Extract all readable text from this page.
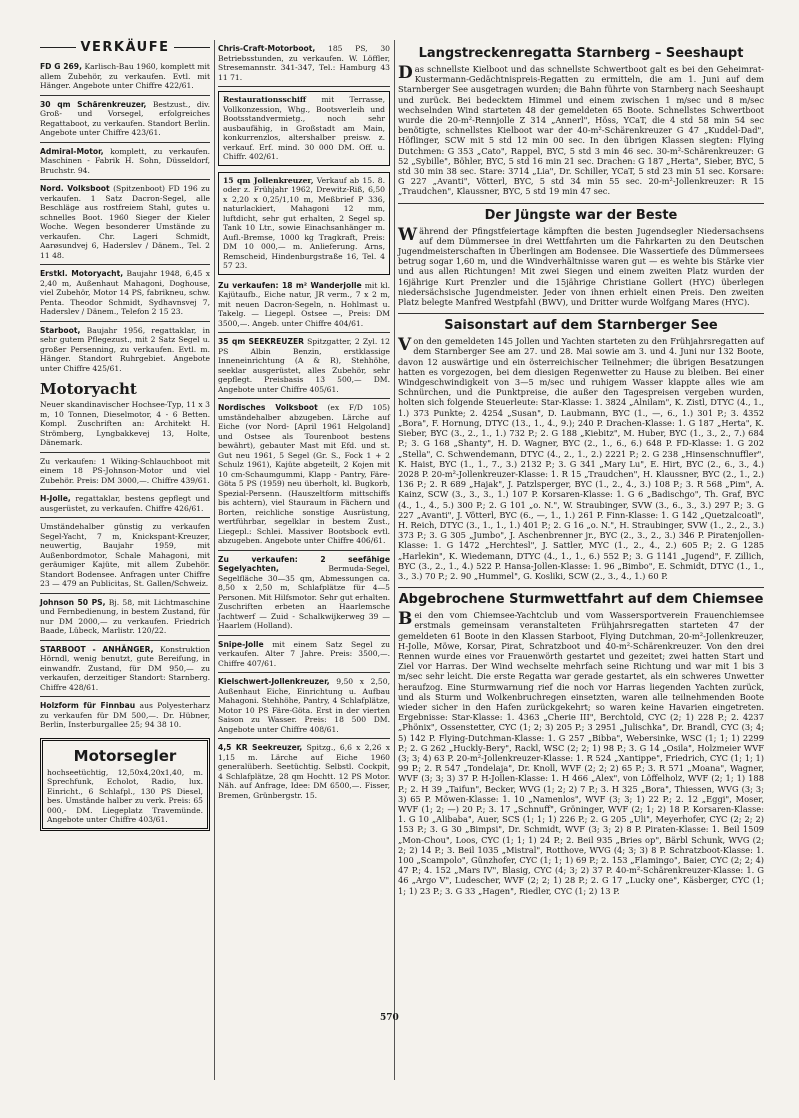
VERKÄUFE
FD G 269, Karlisch-Bau 1960, komplett mit allem Zubehör, zu verkaufen. Evtl. mit Hänger. Angebote unter Chiffre 422/61.
30 qm Schärenkreuzer, Bestzust., div. Groß- und Vorsegel, erfolgreiches Regattaboot, zu verkaufen. Standort Berlin. Angebote unter Chiffre 423/61.
Admiral-Motor, komplett, zu verkaufen. Maschinen - Fabrik H. Sohn, Düsseldorf, Bruchstr. 94.
Nord. Volksboot (Spitzenboot) FD 196 zu verkaufen. 1 Satz Dacron-Segel, alle Beschläge aus rostfreiem Stahl, gutes u. schnelles Boot. 1960 Sieger der Kieler Woche. Wegen besonderer Umstände zu verkaufen. Chr. Lageri Schmidt, Aarøsundvej 6, Haderslev / Dänem., Tel. 2 11 48.
Erstkl. Motoryacht, Baujahr 1948, 6,45 x 2,40 m, Außenhaut Mahagoni, Doghouse, viel Zubehör, Motor 14 PS, fabrikneu, schw. Penta. Theodor Schmidt, Sydhavnsvej 7, Haderslev / Dänem., Telefon 2 15 23.
Starboot, Baujahr 1956, regattaklar, in sehr gutem Pflegezust., mit 2 Satz Segel u. großer Persenning, zu verkaufen. Evtl. m. Hänger. Standort Ruhrgebiet. Angebote unter Chiffre 425/61.
Motoryacht
Neuer skandinavischer Hochsee-Typ, 11 x 3 m, 10 Tonnen, Dieselmotor, 4 - 6 Betten. Kompl. Zuschriften an: Architekt H. Strömberg, Lyngbakkevej 13, Holte, Dänemark.
Zu verkaufen: 1 Wiking-Schlauchboot mit einem 18 PS-Johnson-Motor und viel Zubehör. Preis: DM 3000,—. Chiffre 439/61.
H-Jolle, regattaklar, bestens gepflegt und ausgerüstet, zu verkaufen. Chiffre 426/61.
Umständehalber günstig zu verkaufen Segel-Yacht, 7 m, Knickspant-Kreuzer, neuwertig, Baujahr 1959, mit Außenbordmotor, Schale Mahagoni, mit geräumiger Kajüte, mit allem Zubehör. Standort Bodensee. Anfragen unter Chiffre 23 — 479 an Publicitas, St. Gallen/Schweiz.
Johnson 50 PS, Bj. 58, mit Lichtmaschine und Fernbedienung, in bestem Zustand, für nur DM 2000,— zu verkaufen. Friedrich Baade, Lübeck, Marlistr. 120/22.
STARBOOT - ANHÄNGER, Konstruktion Hörndl, wenig benutzt, gute Bereifung, in einwandfr. Zustand, für DM 950,— zu verkaufen, derzeitiger Standort: Starnberg. Chiffre 428/61.
Holzform für Finnbau aus Polyesterharz zu verkaufen für DM 500,—. Dr. Hübner, Berlin, Insterburgallee 25; 94 38 10.
Motorsegler
hochseetüchtig, 12,50x4,20x1,40, m. Sprechfunk, Echolot, Radio, lux. Einricht., 6 Schlafpl., 130 PS Diesel, bes. Umstände halber zu verk. Preis: 65 000,- DM. Liegeplatz Travemünde. Angebote unter Chiffre 403/61.
Chris-Craft-Motorboot, 185 PS, 30 Betriebsstunden, zu verkaufen. W. Löffler, Stresemannstr. 341-347, Tel.: Hamburg 43 11 71.
Restaurationsschiff mit Terrasse, Vollkonzession, Whg., Bootsverleih und Bootsstandvermietg., noch sehr ausbaufähig, in Großstadt am Main, konkurrenzlos, altershalber preisw. z. verkauf. Erf. mind. 30 000 DM. Off. u. Chiffr. 402/61.
15 qm Jollenkreuzer, Verkauf ab 15. 8. oder z. Frühjahr 1962, Drewitz-Riß, 6,50 x 2,20 x 0,25/1,10 m, Meßbrief P 336, naturlackiert, Mahagoni 12 mm, luftdicht, sehr gut erhalten, 2 Segel sp. Tank 10 Ltr., sowie Einachsanhänger m. Aufl.-Bremse, 1000 kg Tragkraft, Preis: DM 10 000,— m. Anlieferung. Arns, Remscheid, Hindenburgstraße 16, Tel. 4 57 23.
Zu verkaufen: 18 m² Wanderjolle mit kl. Kajütaufb., Eiche natur, JR verm., 7 x 2 m, mit neuen Dacron-Segeln, n. Hohlmast u. Takelg. — Liegepl. Ostsee —, Preis: DM 3500,—. Angeb. unter Chiffre 404/61.
35 qm SEEKREUZER Spitzgatter, 2 Zyl. 12 PS Albin Benzin, erstklassige Inneneinrichtung (A & R), Stehhöhe, seeklar ausgerüstet, alles Zubehör, sehr gepflegt. Preisbasis 13 500,— DM. Angebote unter Chiffre 405/61.
Nordisches Volksboot (ex F/D 105) umständehalber abzugeben. Lärche auf Eiche (vor Nord- [April 1961 Helgoland] und Ostsee als Tourenboot bestens bewährt), gebauter Mast mit Efd. und st. Gut neu 1961, 5 Segel (Gr. S., Fock 1 + 2 Schulz 1961), Kajüte abgeteilt, 2 Kojen mit 10 cm-Schaumgummi, Klapp - Pantry, Färe-Göta 5 PS (1959) neu überholt, kl. Bugkorb, Spezial-Persenn. (Hauszeltform mittschiffs bis achtern), viel Stauraum in Fächern und Borten, reichliche sonstige Ausrüstung, wertführbar, segelklar in bestem Zust., Liegepl.: Schlei. Massiver Bootsbock evtl. abzugeben. Angebote unter Chiffre 406/61.
Zu verkaufen: 2 seefähige Segelyachten,	Bermuda-Segel, Segelfläche 30—35 qm, Abmessungen ca. 8,50 x 2,50 m, Schlafplätze für 4—5 Personen. Mit Hilfsmotor. Sehr gut erhalten. Zuschriften erbeten an Haarlemsche Jachtwerf — Zuid - Schalkwijkerweg 39 — Haarlem (Holland).
Snipe-Jolle mit einem Satz Segel zu verkaufen. Alter 7 Jahre. Preis: 3500,—. Chiffre 407/61.
Kielschwert-Jollenkreuzer, 9,50 x 2,50, Außenhaut Eiche, Einrichtung u. Aufbau Mahagoni. Stehhöhe, Pantry, 4 Schlafplätze, Motor 10 PS Färe-Göta. Erst in der vierten Saison zu Wasser. Preis: 18 500 DM. Angebote unter Chiffre 408/61.
4,5 KR Seekreuzer, Spitzg., 6,6 x 2,26 x 1,15 m. Lärche auf Eiche 1960 generalüberh. Seetüchtig. Selbstl. Cockpit, 4 Schlafplätze, 28 qm Hochtt. 12 PS Motor. Näh. auf Anfrage, Idee: DM 6500,—. Fisser, Bremen, Grünbergstr. 15.
Langstreckenregatta Starnberg – Seeshaupt

Das schnellste Kielboot und das schnellste Schwertboot galt es bei den Geheimrat-Kustermann-Gedächtnispreis-Regatten zu ermitteln, die am 1. Juni auf dem Starnberger See ausgetragen wurden; die Bahn führte von Starnberg nach Seeshaupt und zurück. Bei bedecktem Himmel und einem zwischen 1 m/sec und 8 m/sec wechselnden Wind starteten 48 der gemeldeten 65 Boote. Schnellstes Schwertboot wurde die 20-m²-Rennjolle Z 314 „Annerl", Höss, YCaT, die 4 std 58 min 54 sec benötigte, schnellstes Kielboot war der 40-m²-Schärenkreuzer G 47 „Kuddel-Dad", Höflinger, SCW mit 5 std 12 min 00 sec. In den übrigen Klassen siegten: Flying Dutchmen: G 353 „Cato", Rappel, BYC, 5 std 3 min 46 sec. 30-m²-Schärenkreuzer: G 52 „Sybille", Böhler, BYC, 5 std 16 min 21 sec. Drachen: G 187 „Herta", Sieber, BYC, 5 std 30 min 38 sec. Stare: 3714 „Lia", Dr. Schiller, YCaT, 5 std 23 min 51 sec. Korsare: G 227 „Avanti", Vötterl, BYC, 5 std 34 min 55 sec. 20-m²-Jollenkreuzer: R 15 „Traudchen", Klaussner, BYC, 5 std 19 min 47 sec.

Der Jüngste war der Beste

Während der Pfingstfeiertage kämpften die besten Jugendsegler Niedersachsens auf dem Dümmersee in drei Wettfahrten um die Fahrkarten zu den Deutschen Jugendmeisterschaften in Überlingen am Bodensee. Die Wassertiefe des Dümmersees betrug sogar 1,60 m, und die Windverhältnisse waren gut — es wehte bis Stärke vier und aus allen Richtungen! Mit zwei Siegen und einem zweiten Platz wurden der 16jährige Kurt Prenzler und die 15jährige Christiane Gollert (HYC) überlegen niedersächsische Jugendmeister. Jeder von ihnen erhielt einen Preis. Den zweiten Platz belegte Manfred Westpfahl (BWV), und Dritter wurde Wolfgang Mares (HYC).

Saisonstart auf dem Starnberger See

Von den gemeldeten 145 Jollen und Yachten starteten zu den Frühjahrsregatten auf dem Starnberger See am 27. und 28. Mai sowie am 3. und 4. Juni nur 132 Boote, davon 12 auswärtige und ein österreichischer Teilnehmer; die übrigen Besatzungen hatten es vorgezogen, bei dem diesigen Regenwetter zu Hause zu bleiben. Bei einer Windgeschwindigkeit von 3—5 m/sec und ruhigem Wasser klappte alles wie am Schnürchen, und die Punktpreise, die außer den Tagespreisen vergeben wurden, holten sich folgende Steuerleute: Star-Klasse: 1. 3824 „Alnilam", K. Zistl, DTYC (4., 1., 1.) 373 Punkte; 2. 4254 „Susan", D. Laubmann, BYC (1., —, 6., 1.) 301 P.; 3. 4352 „Bora", F. Hornung, DTYC (13., 1., 4., 9.); 240 P. Drachen-Klasse: 1. G 187 „Herta", K. Sieber, BYC (3., 2., 1., 1.) 732 P.; 2. G 188 „Kiebitz", M. Huber, BYC (1., 3., 2., 7.) 684 P.; 3. G 168 „Shanty", H. D. Wagner, BYC (2., 1., 6., 6.) 648 P. FD-Klasse: 1. G 202 „Stella", C. Schwendemann, DTYC (4., 2., 1., 2.) 2221 P.; 2. G 238 „Hinsenschnuffler", K. Haist, BYC (1., 1., 7., 3.) 2132 P.; 3. G 341 „Mary Lu", E. Hirt, BYC (2., 6., 3., 4.) 2028 P. 20-m²-Jollenkreuzer-Klasse: 1. R 15 „Traudchen", H. Klaussner, BYC (2., 1., 2.) 136 P.; 2. R 689 „Hajak", J. Patzlsperger, BYC (1., 2., 4., 3.) 108 P.; 3. R 568 „Pim", A. Kainz, SCW (3., 3., 3., 1.) 107 P. Korsaren-Klasse: 1. G 6 „Badischgo", Th. Graf, BYC (4., 1., 4., 5.) 300 P.; 2. G 101 „o. N.", W. Straubinger, SVW (3., 6., 3., 3.) 297 P.; 3. G 227 „Avanti", J. Vötterl, BYC (6., —, 1., 1.) 261 P. Finn-Klasse: 1. G 142 „Quetzalcoatl", H. Reich, DTYC (3., 1., 1., 1.) 401 P.; 2. G 16 „o. N.", H. Straubinger, SVW (1., 2., 2., 3.) 373 P.; 3. G 305 „Jumbo", J. Aschenbrenner jr., BYC (2., 3., 2., 3.) 346 P. Piratenjollen-Klasse: 1. G 1472 „Herchtesl", J. Sattler, MYC (1., 2., 4., 2.) 605 P.; 2. G 1285 „Harlekin", K. Wiedemann, DTYC (4., 1., 1., 6.) 552 P.; 3. G 1141 „Jugend", F. Zillich, BYC (3., 2., 1., 4.) 522 P. Hansa-Jollen-Klasse: 1. 96 „Bimbo", E. Schmidt, DTYC (1., 1., 3., 3.) 70 P.; 2. 90 „Hummel", G. Kosliki, SCW (2., 3., 4., 1.) 60 P.

Abgebrochene Sturmwettfahrt auf dem Chiemsee

Bei den vom Chiemsee-Yachtclub und vom Wassersportverein Frauenchiemsee erstmals gemeinsam veranstalteten Frühjahrsregatten starteten 47 der gemeldeten 61 Boote in den Klassen Starboot, Flying Dutchman, 20-m²-Jollenkreuzer, H-Jolle, Möwe, Korsar, Pirat, Schratzboot und 40-m²-Schärenkreuzer. Von den drei Rennen wurde eines vor Frauenwörth gestartet und gezeitet; zwei hatten Start und Ziel vor Harras. Der Wind wechselte mehrfach seine Richtung und war mit 1 bis 3 m/sec sehr leicht. Die erste Regatta war gerade gestartet, als ein schweres Unwetter heraufzog. Eine Sturmwarnung rief die noch vor Harras liegenden Yachten zurück, und als Sturm und Wolkenbruchregen einsetzten, waren alle teilnehmenden Boote wieder sicher in den Hafen zurückgekehrt; so waren keine Havarien eingetreten. Ergebnisse: Star-Klasse: 1. 4363 „Cherie III", Berchtold, CYC (2; 1) 228 P.; 2. 4237 „Phönix", Ossenstetter, CYC (1; 2; 3) 205 P.; 3 2951 „Julischka", Dr. Brandl, CYC (3; 4; 5) 142 P. Flying-Dutchman-Klasse: 1. G 257 „Bibba", Webersinke, WSC (1; 1; 1) 2299 P.; 2. G 262 „Huckly-Bery", Rackl, WSC (2; 2; 1) 98 P.; 3. G 14 „Osila", Holzmeier WVF (3; 3; 4) 63 P. 20-m²-Jollenkreuzer-Klasse: 1. R 524 „Xantippe", Friedrich, CYC (1; 1; 1) 99 P.; 2. R 547 „Tondelaja", Dr. Knoll, WVF (2; 2; 2) 65 P.; 3. R 571 „Moana", Wagner, WVF (3; 3; 3) 37 P. H-Jollen-Klasse: 1. H 466 „Alex", von Löffelholz, WVF (2; 1; 1) 188 P.; 2. H 39 „Taifun", Becker, WVG (1; 2; 2) 7 P.; 3. H 325 „Bora", Thiessen, WVG (3; 3; 3) 65 P. Möwen-Klasse: 1. 10 „Namenlos", WVF (3; 3; 1) 22 P.; 2. 12 „Eggi", Moser, WVF (1; 2; —) 20 P.; 3. 17 „Schnuff", Gröninger, WVF (2; 1; 2) 18 P. Korsaren-Klasse: 1. G 10 „Alibaba", Auer, SCS (1; 1; 1) 226 P.; 2. G 205 „Uli", Meyerhofer, CYC (2; 2; 2) 153 P.; 3. G 30 „Bimpsi", Dr. Schmidt, WVF (3; 3; 2) 8 P. Piraten-Klasse: 1. Beil 1509 „Mon-Chou", Loos, CYC (1; 1; 1) 24 P.; 2. Beil 935 „Bries op", Bärbl Schunk, WVG (2; 2; 2) 14 P.; 3. Beil 1035 „Mistral", Rotthove, WVG (4; 3; 3) 8 P. Schratzboot-Klasse: 1. 100 „Scampolo", Günzhofer, CYC (1; 1; 1) 69 P.; 2. 153 „Flamingo", Baier, CYC (2; 2; 4) 47 P.; 4. 152 „Mars IV", Blasig, CYC (4; 3; 2) 37 P. 40-m²-Schärenkreuzer-Klasse: 1. G 46 „Argo V", Ludescher, WVF (2; 2; 1) 28 P.; 2. G 17 „Lucky one", Käsberger, CYC (1; 1; 1) 23 P.; 3. G 33 „Hagen", Riedler, CYC (1; 2) 13 P.

570
